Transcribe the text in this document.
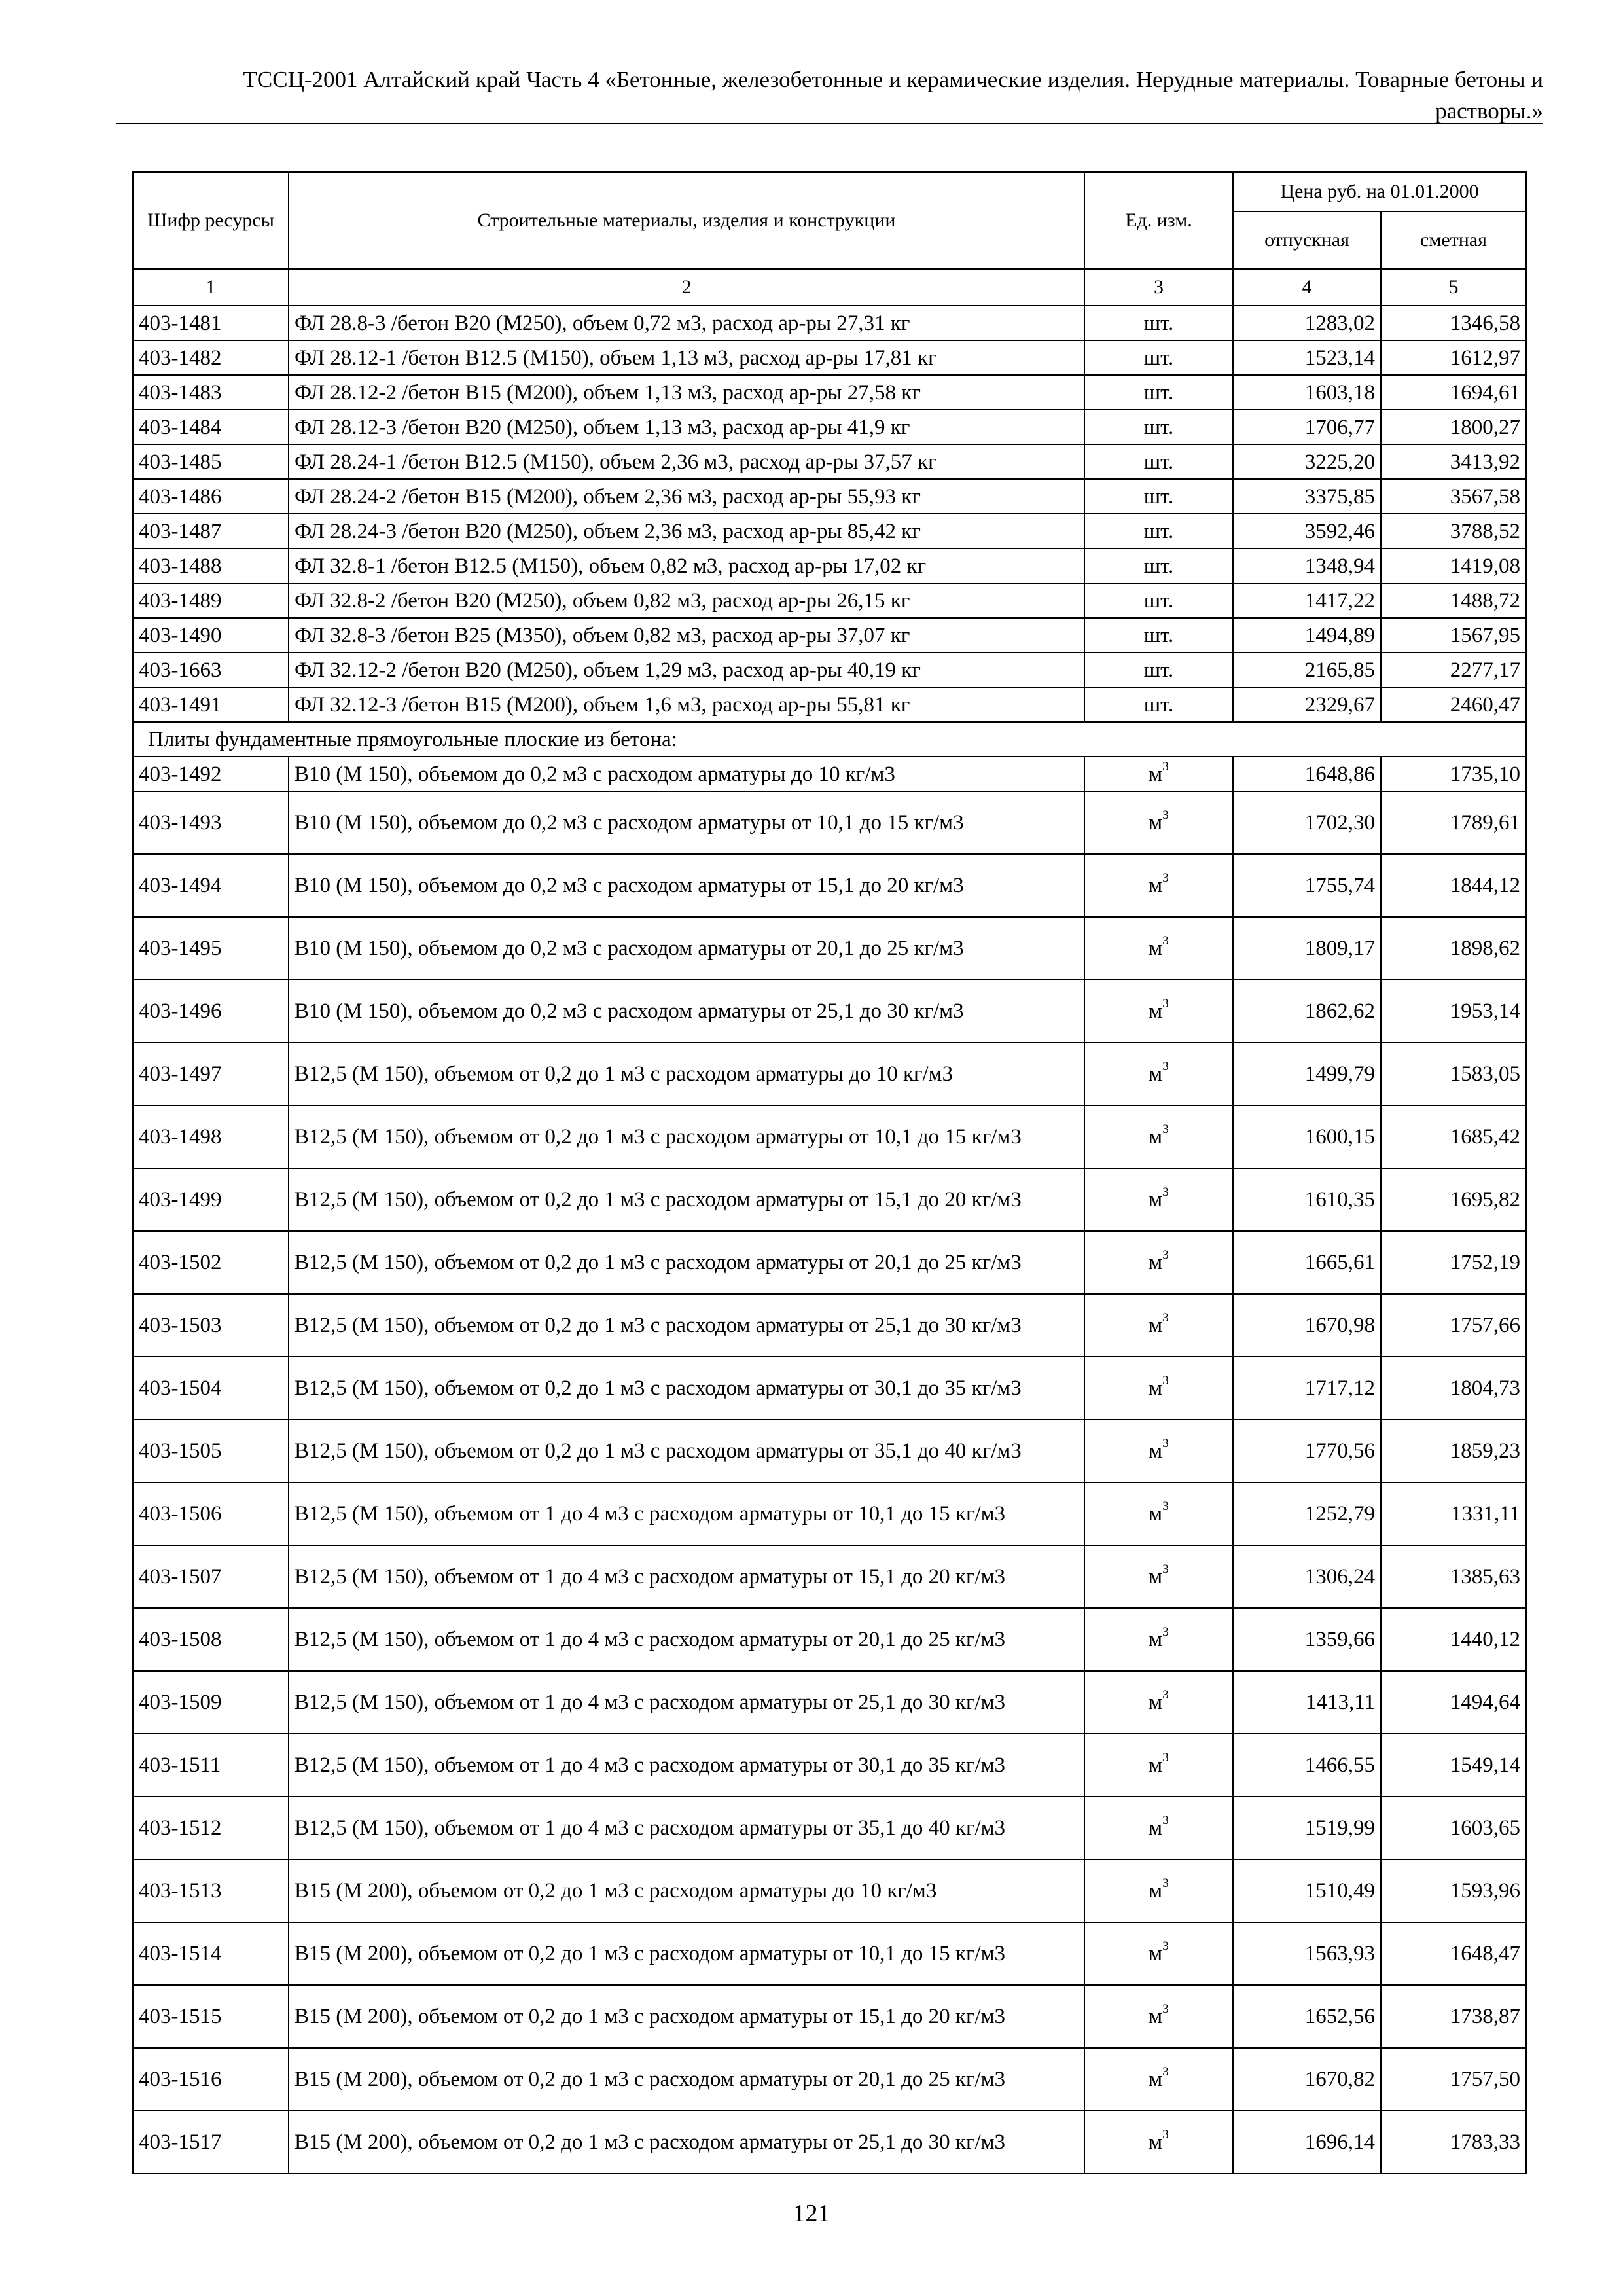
ТССЦ-2001 Алтайский край Часть 4 «Бетонные, железобетонные и керамические изделия. Нерудные материалы. Товарные бетоны и
растворы.»
Шифр ресурсы	Строительные материалы, изделия и конструкции	Ед. изм.	Цена руб. на 01.01.2000	
			отпускная	сметная
1	2	3	4	5
403-1481	ФЛ 28.8-3 /бетон В20 (М250), объем 0,72 м3, расход ар-ры 27,31 кг	шт.	1283,02	1346,58
403-1482	ФЛ 28.12-1 /бетон В12.5 (М150), объем 1,13 м3, расход ар-ры 17,81 кг	шт.	1523,14	1612,97
403-1483	ФЛ 28.12-2 /бетон В15 (М200), объем 1,13 м3, расход ар-ры 27,58 кг	шт.	1603,18	1694,61
403-1484	ФЛ 28.12-3 /бетон В20 (М250), объем 1,13 м3, расход ар-ры 41,9 кг	шт.	1706,77	1800,27
403-1485	ФЛ 28.24-1 /бетон В12.5 (М150), объем 2,36 м3, расход ар-ры 37,57 кг	шт.	3225,20	3413,92
403-1486	ФЛ 28.24-2 /бетон В15 (М200), объем 2,36 м3, расход ар-ры 55,93 кг	шт.	3375,85	3567,58
403-1487	ФЛ 28.24-3 /бетон В20 (М250), объем 2,36 м3, расход ар-ры 85,42 кг	шт.	3592,46	3788,52
403-1488	ФЛ 32.8-1 /бетон В12.5 (М150), объем 0,82 м3, расход ар-ры 17,02 кг	шт.	1348,94	1419,08
403-1489	ФЛ 32.8-2 /бетон В20 (М250), объем 0,82 м3, расход ар-ры 26,15 кг	шт.	1417,22	1488,72
403-1490	ФЛ 32.8-3 /бетон В25 (М350), объем 0,82 м3, расход ар-ры 37,07 кг	шт.	1494,89	1567,95
403-1663	ФЛ 32.12-2 /бетон В20 (М250), объем 1,29 м3, расход ар-ры 40,19 кг	шт.	2165,85	2277,17
403-1491	ФЛ 32.12-3 /бетон В15 (М200), объем 1,6 м3, расход ар-ры 55,81 кг	шт.	2329,67	2460,47
Плиты фундаментные прямоугольные плоские из бетона:				
403-1492	В10 (М 150), объемом до 0,2 м3 с расходом арматуры до 10 кг/м3	$м^3$	1648,86	1735,10
403-1493	В10 (М 150), объемом до 0,2 м3 с расходом арматуры от 10,1 до 15 кг/м3	$м^3$	1702,30	1789,61
403-1494	В10 (М 150), объемом до 0,2 м3 с расходом арматуры от 15,1 до 20 кг/м3	$м^3$	1755,74	1844,12
403-1495	В10 (М 150), объемом до 0,2 м3 с расходом арматуры от 20,1 до 25 кг/м3	$м^3$	1809,17	1898,62
403-1496	В10 (М 150), объемом до 0,2 м3 с расходом арматуры от 25,1 до 30 кг/м3	$м^3$	1862,62	1953,14
403-1497	В12,5 (М 150), объемом от 0,2 до 1 м3 с расходом арматуры до 10 кг/м3	$м^3$	1499,79	1583,05
403-1498	В12,5 (М 150), объемом от 0,2 до 1 м3 с расходом арматуры от 10,1 до 15 кг/м3	$м^3$	1600,15	1685,42
403-1499	В12,5 (М 150), объемом от 0,2 до 1 м3 с расходом арматуры от 15,1 до 20 кг/м3	$м^3$	1610,35	1695,82
403-1502	В12,5 (М 150), объемом от 0,2 до 1 м3 с расходом арматуры от 20,1 до 25 кг/м3	$м^3$	1665,61	1752,19
403-1503	В12,5 (М 150), объемом от 0,2 до 1 м3 с расходом арматуры от 25,1 до 30 кг/м3	$м^3$	1670,98	1757,66
403-1504	В12,5 (М 150), объемом от 0,2 до 1 м3 с расходом арматуры от 30,1 до 35 кг/м3	$м^3$	1717,12	1804,73
403-1505	В12,5 (М 150), объемом от 0,2 до 1 м3 с расходом арматуры от 35,1 до 40 кг/м3	$м^3$	1770,56	1859,23
403-1506	В12,5 (М 150), объемом от 1 до 4 м3 с расходом арматуры от 10,1 до 15 кг/м3	$м^3$	1252,79	1331,11
403-1507	В12,5 (М 150), объемом от 1 до 4 м3 с расходом арматуры от 15,1 до 20 кг/м3	$м^3$	1306,24	1385,63
403-1508	В12,5 (М 150), объемом от 1 до 4 м3 с расходом арматуры от 20,1 до 25 кг/м3	$м^3$	1359,66	1440,12
403-1509	В12,5 (М 150), объемом от 1 до 4 м3 с расходом арматуры от 25,1 до 30 кг/м3	$м^3$	1413,11	1494,64
403-1511	В12,5 (М 150), объемом от 1 до 4 м3 с расходом арматуры от 30,1 до 35 кг/м3	$м^3$	1466,55	1549,14
403-1512	В12,5 (М 150), объемом от 1 до 4 м3 с расходом арматуры от 35,1 до 40 кг/м3	$м^3$	1519,99	1603,65
403-1513	В15 (М 200), объемом от 0,2 до 1 м3 с расходом арматуры до 10 кг/м3	$м^3$	1510,49	1593,96
403-1514	В15 (М 200), объемом от 0,2 до 1 м3 с расходом арматуры от 10,1 до 15 кг/м3	$м^3$	1563,93	1648,47
403-1515	В15 (М 200), объемом от 0,2 до 1 м3 с расходом арматуры от 15,1 до 20 кг/м3	$м^3$	1652,56	1738,87
403-1516	В15 (М 200), объемом от 0,2 до 1 м3 с расходом арматуры от 20,1 до 25 кг/м3	$м^3$	1670,82	1757,50
403-1517	В15 (М 200), объемом от 0,2 до 1 м3 с расходом арматуры от 25,1 до 30 кг/м3	$м^3$	1696,14	1783,33
121
